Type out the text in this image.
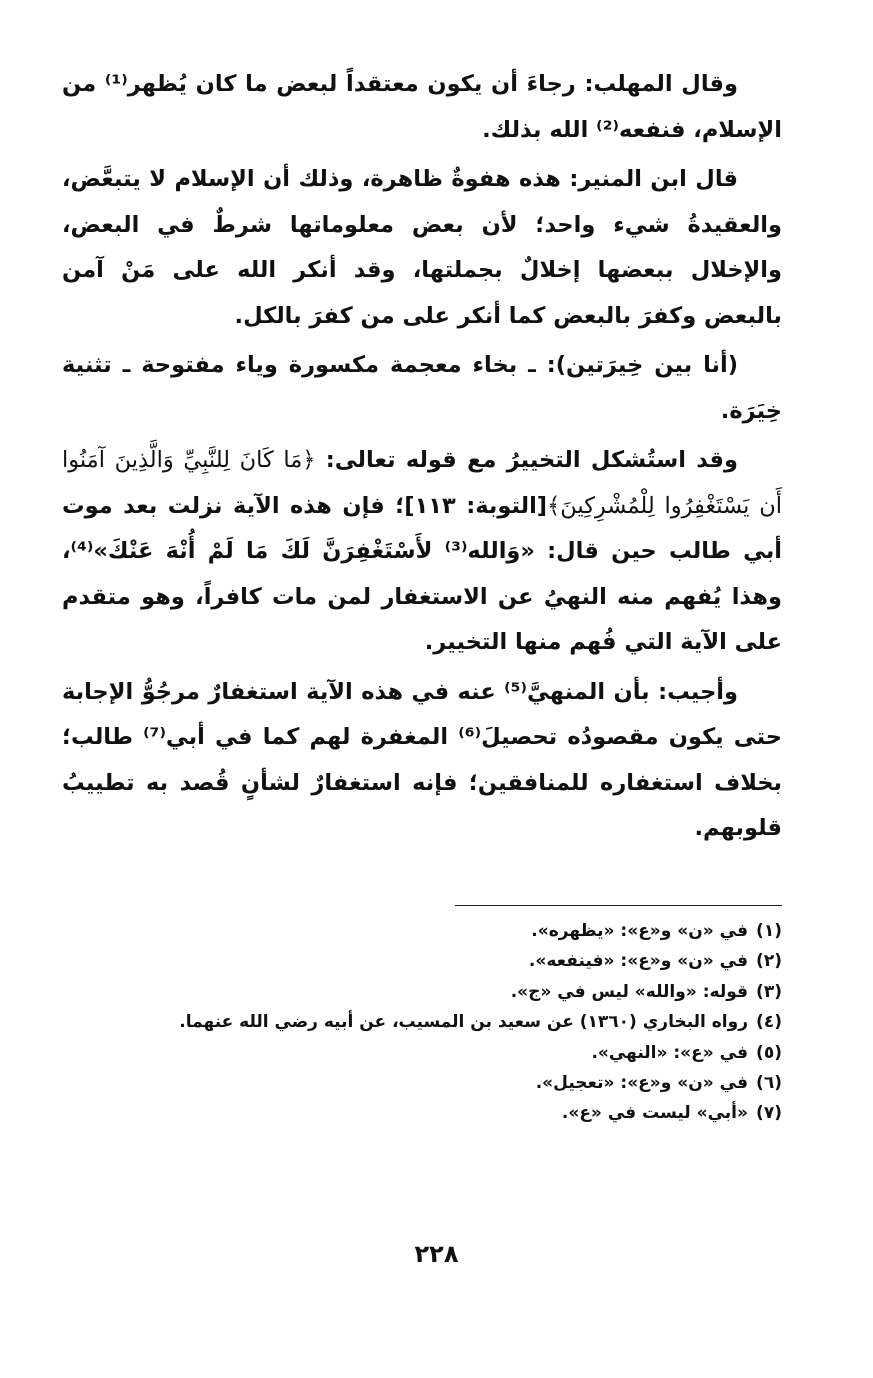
وقال المهلب: رجاءَ أن يكون معتقداً لبعض ما كان يُظهر⁽¹⁾ من الإسلام، فنفعه⁽²⁾ الله بذلك.

قال ابن المنير: هذه هفوةٌ ظاهرة، وذلك أن الإسلام لا يتبعَّض، والعقيدةُ شيء واحد؛ لأن بعض معلوماتها شرطٌ في البعض، والإخلال ببعضها إخلالٌ بجملتها، وقد أنكر الله على مَنْ آمن بالبعض وكفرَ بالبعض كما أنكر على من كفرَ بالكل.

(أنا بين خِيرَتين): ـ بخاء معجمة مكسورة وياء مفتوحة ـ تثنية خِيَرَة.

وقد استُشكل التخييرُ مع قوله تعالى: ﴿مَا كَانَ لِلنَّبِيِّ وَالَّذِينَ آمَنُوا أَن يَسْتَغْفِرُوا لِلْمُشْرِكِينَ﴾[التوبة: ١١٣]؛ فإن هذه الآية نزلت بعد موت أبي طالب حين قال: «وَالله⁽³⁾ لأَسْتَغْفِرَنَّ لَكَ مَا لَمْ أُنْهَ عَنْكَ»⁽⁴⁾، وهذا يُفهم منه النهيُ عن الاستغفار لمن مات كافراً، وهو متقدم على الآية التي فُهم منها التخيير.

وأجيب: بأن المنهيَّ⁽⁵⁾ عنه في هذه الآية استغفارٌ مرجُوُّ الإجابة حتى يكون مقصودُه تحصيلَ⁽⁶⁾ المغفرة لهم كما في أبي⁽⁷⁾ طالب؛ بخلاف استغفاره للمنافقين؛ فإنه استغفارٌ لشأنٍ قُصد به تطييبُ قلوبهم.

(١)في «ن» و«ع»: «يظهره».
(٢)في «ن» و«ع»: «فينفعه».
(٣)قوله: «والله» ليس في «ج».
(٤)رواه البخاري (١٣٦٠) عن سعيد بن المسيب، عن أبيه رضي الله عنهما.
(٥)في «ع»: «النهي».
(٦)في «ن» و«ع»: «تعجيل».
(٧)«أبي» ليست في «ع».
٢٢٨
